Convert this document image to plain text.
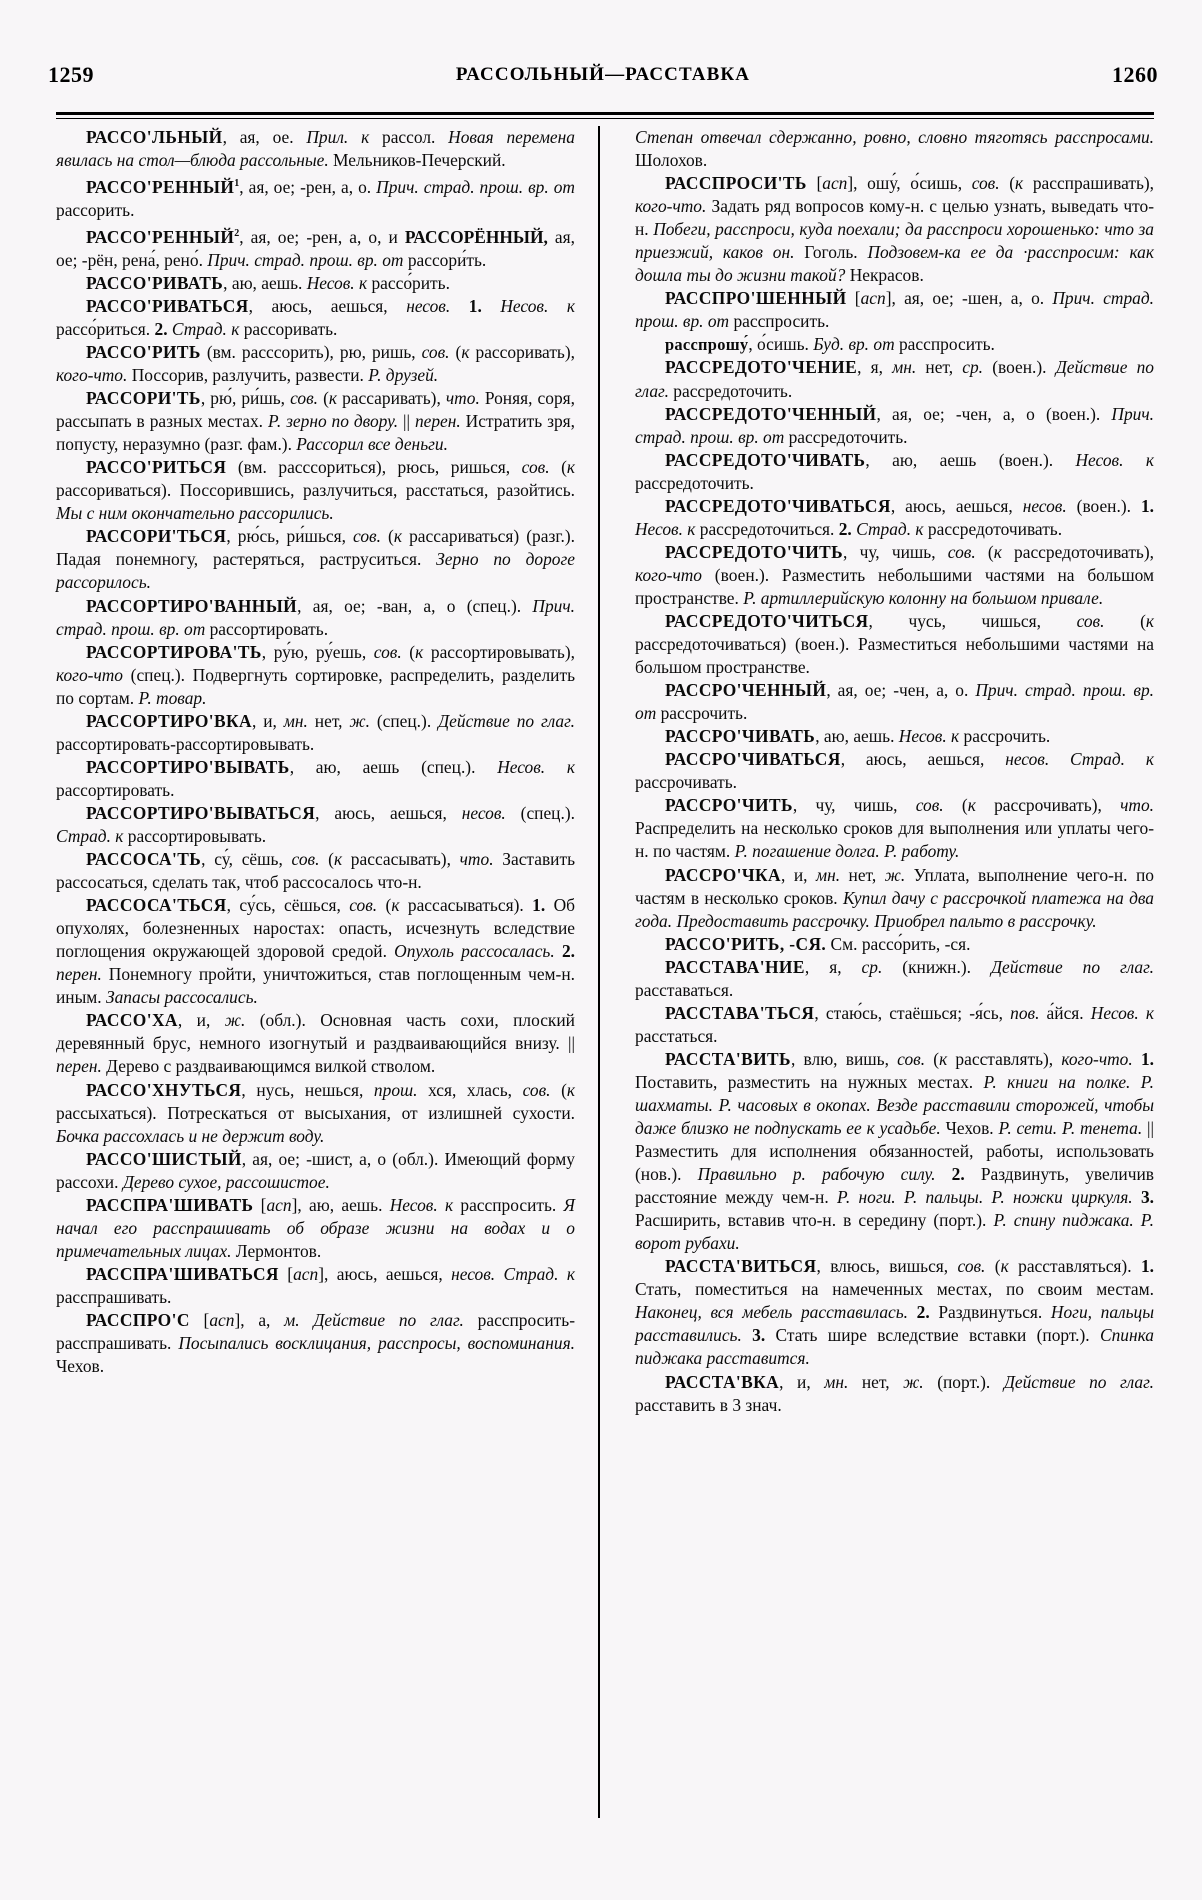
1259	РАССОЛЬНЫЙ—РАССТАВКА	1260

РАССО'ЛЬНЫЙ, ая, ое. Прил. к рассол. Новая перемена явилась на стол—блюда рассольные. Мельников-Печерский.

РАССО'РЕННЫЙ$^1$, ая, ое; -рен, а, о. Прич. страд. прош. вр. от рассорить.

РАССО'РЕННЫЙ$^2$, ая, ое; -рен, а, о, и РАССОРЁННЫЙ, ая, ое; -рён, рена́, рено́. Прич. страд. прош. вр. от рассори́ть.

РАССО'РИВАТЬ, аю, аешь. Несов. к рассо́рить.

РАССО'РИВАТЬСЯ, аюсь, аешься, несов. 1. Несов. к рассо́риться. 2. Страд. к рассоривать.

РАССО'РИТЬ (вм. расссорить), рю, ришь, сов. (к рассоривать), кого-что. Поссорив, разлучить, развести. Р. друзей.

РАССОРИ'ТЬ, рю́, ри́шь, сов. (к рассаривать), что. Роняя, соря, рассыпать в разных местах. Р. зерно по двору. || перен. Истратить зря, попусту, неразумно (разг. фам.). Рассорил все деньги.

РАССО'РИТЬСЯ (вм. расссориться), рюсь, ришься, сов. (к рассориваться). Поссорившись, разлучиться, расстаться, разойтись. Мы с ним окончательно рассорились.

РАССОРИ'ТЬСЯ, рю́сь, ри́шься, сов. (к рассариваться) (разг.). Падая понемногу, растеряться, раструситься. Зерно по дороге рассорилось.

РАССОРТИРО'ВАННЫЙ, ая, ое; -ван, а, о (спец.). Прич. страд. прош. вр. от рассортировать.

РАССОРТИРОВА'ТЬ, ру́ю, ру́ешь, сов. (к рассортировывать), кого-что (спец.). Подвергнуть сортировке, распределить, разделить по сортам. Р. товар.

РАССОРТИРО'ВКА, и, мн. нет, ж. (спец.). Действие по глаг. рассортировать-рассортировывать.

РАССОРТИРО'ВЫВАТЬ, аю, аешь (спец.). Несов. к рассортировать.

РАССОРТИРО'ВЫВАТЬСЯ, аюсь, аешься, несов. (спец.). Страд. к рассортировывать.

РАССОСА'ТЬ, су́, сёшь, сов. (к рассасывать), что. Заставить рассосаться, сделать так, чтоб рассосалось что-н.

РАССОСА'ТЬСЯ, су́сь, сёшься, сов. (к рассасываться). 1. Об опухолях, болезненных наростах: опасть, исчезнуть вследствие поглощения окружающей здоровой средой. Опухоль рассосалась. 2. перен. Понемногу пройти, уничтожиться, став поглощенным чем-н. иным. Запасы рассосались.

РАССО'ХА, и, ж. (обл.). Основная часть сохи, плоский деревянный брус, немного изогнутый и раздваивающийся внизу. || перен. Дерево с раздваивающимся вилкой стволом.

РАССО'ХНУТЬСЯ, нусь, нешься, прош. хся, хлась, сов. (к рассыхаться). Потрескаться от высыхания, от излишней сухости. Бочка рассохлась и не держит воду.

РАССО'ШИСТЫЙ, ая, ое; -шист, а, о (обл.). Имеющий форму рассохи. Дерево сухое, рассошистое.

РАССПРА'ШИВАТЬ [асп], аю, аешь. Несов. к расспросить. Я начал его расспрашивать об образе жизни на водах и о примечательных лицах. Лермонтов.

РАССПРА'ШИВАТЬСЯ [асп], аюсь, аешься, несов. Страд. к расспрашивать.

РАССПРО'С [асп], а, м. Действие по глаг. расспросить-расспрашивать. Посыпались восклицания, расспросы, воспоминания. Чехов.

Степан отвечал сдержанно, ровно, словно тяготясь расспросами. Шолохов.

РАССПРОСИ'ТЬ [асп], ошу́, о́сишь, сов. (к расспрашивать), кого-что. Задать ряд вопросов кому-н. с целью узнать, выведать что-н. Побеги, расспроси, куда поехали; да расспроси хорошенько: что за приезжий, каков он. Гоголь. Подзовем-ка ее да ·расспросим: как дошла ты до жизни такой? Некрасов.

РАССПРО'ШЕННЫЙ [асп], ая, ое; -шен, а, о. Прич. страд. прош. вр. от расспросить.

расспрошу́, о́сишь. Буд. вр. от расспросить.

РАССРЕДОТО'ЧЕНИЕ, я, мн. нет, ср. (воен.). Действие по глаг. рассредоточить.

РАССРЕДОТО'ЧЕННЫЙ, ая, ое; -чен, а, о (воен.). Прич. страд. прош. вр. от рассредоточить.

РАССРЕДОТО'ЧИВАТЬ, аю, аешь (воен.). Несов. к рассредоточить.

РАССРЕДОТО'ЧИВАТЬСЯ, аюсь, аешься, несов. (воен.). 1. Несов. к рассредоточиться. 2. Страд. к рассредоточивать.

РАССРЕДОТО'ЧИТЬ, чу, чишь, сов. (к рассредоточивать), кого-что (воен.). Разместить небольшими частями на большом пространстве. Р. артиллерийскую колонну на большом привале.

РАССРЕДОТО'ЧИТЬСЯ, чусь, чишься, сов. (к рассредоточиваться) (воен.). Разместиться небольшими частями на большом пространстве.

РАССРО'ЧЕННЫЙ, ая, ое; -чен, а, о. Прич. страд. прош. вр. от рассрочить.

РАССРО'ЧИВАТЬ, аю, аешь. Несов. к рассрочить.

РАССРО'ЧИВАТЬСЯ, аюсь, аешься, несов. Страд. к рассрочивать.

РАССРО'ЧИТЬ, чу, чишь, сов. (к рассрочивать), что. Распределить на несколько сроков для выполнения или уплаты чего-н. по частям. Р. погашение долга. Р. работу.

РАССРО'ЧКА, и, мн. нет, ж. Уплата, выполнение чего-н. по частям в несколько сроков. Купил дачу с рассрочкой платежа на два года. Предоставить рассрочку. Приобрел пальто в рассрочку.

РАССО'РИТЬ, -СЯ. См. рассо́рить, -ся.

РАССТАВА'НИЕ, я, ср. (книжн.). Действие по глаг. расставаться.

РАССТАВА'ТЬСЯ, стаю́сь, стаёшься; -я́сь, пов. а́йся. Несов. к расстаться.

РАССТА'ВИТЬ, влю, вишь, сов. (к расставлять), кого-что. 1. Поставить, разместить на нужных местах. Р. книги на полке. Р. шахматы. Р. часовых в окопах. Везде расставили сторожей, чтобы даже близко не подпускать ее к усадьбе. Чехов. Р. сети. Р. тенета. || Разместить для исполнения обязанностей, работы, использовать (нов.). Правильно р. рабочую силу. 2. Раздвинуть, увеличив расстояние между чем-н. Р. ноги. Р. пальцы. Р. ножки циркуля. 3. Расширить, вставив что-н. в середину (порт.). Р. спину пиджака. Р. ворот рубахи.

РАССТА'ВИТЬСЯ, влюсь, вишься, сов. (к расставляться). 1. Стать, поместиться на намеченных местах, по своим местам. Наконец, вся мебель расставилась. 2. Раздвинуться. Ноги, пальцы расставились. 3. Стать шире вследствие вставки (порт.). Спинка пиджака расставится.

РАССТА'ВКА, и, мн. нет, ж. (порт.). Действие по глаг. расставить в 3 знач.
